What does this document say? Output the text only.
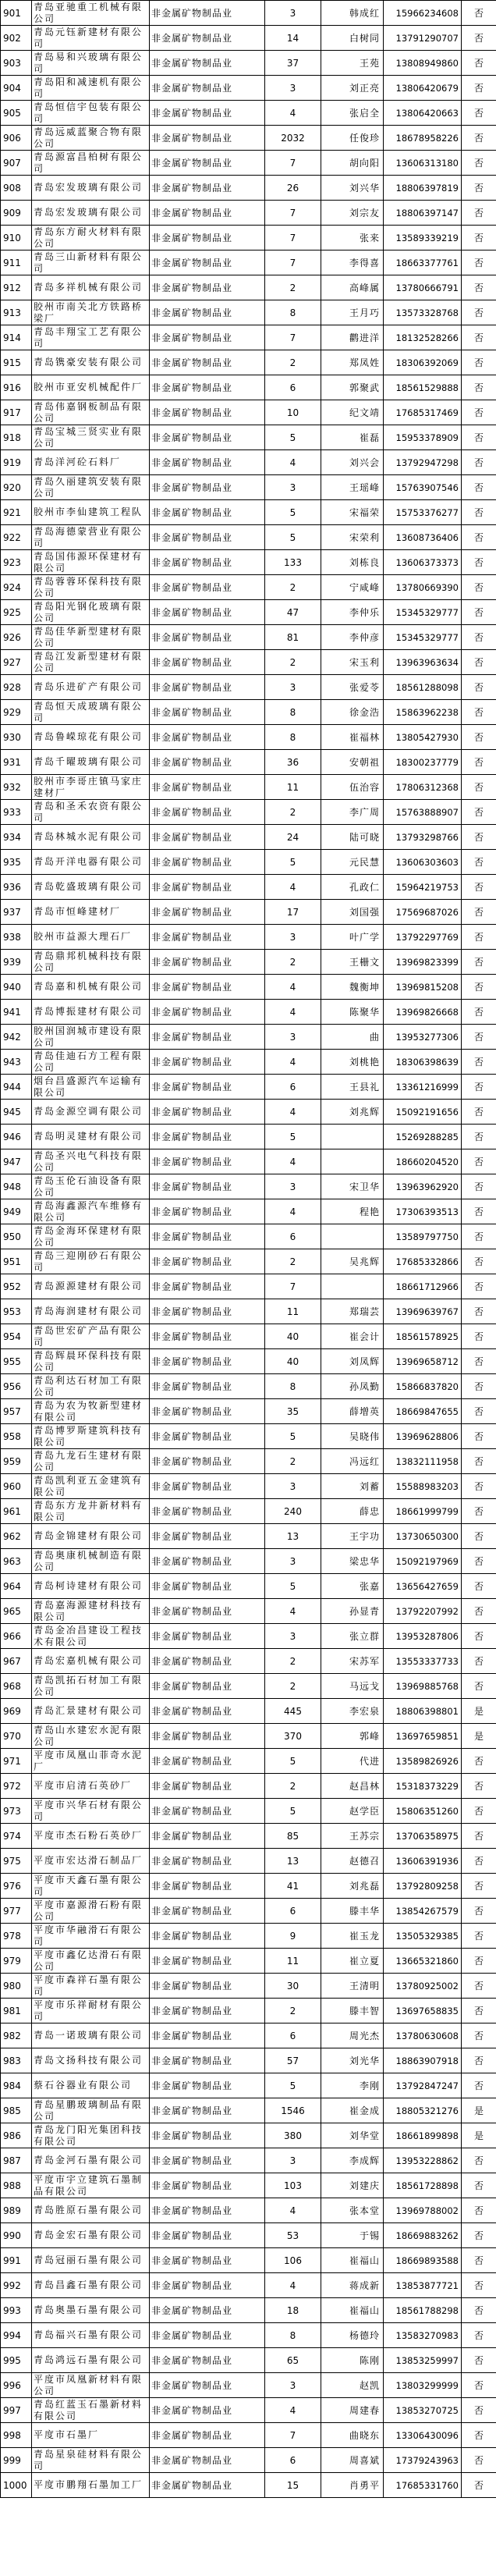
901	青岛亚驰重工机械有限公司	非金属矿物制品业	3	韩成红	15966234608	否
902	青岛元钰新建材有限公司	非金属矿物制品业	14	白树同	13791290707	否
903	青岛易和兴玻璃有限公司	非金属矿物制品业	37	王苑	13808949860	否
904	青岛阳和减速机有限公司	非金属矿物制品业	3	刘正亮	13806420679	否
905	青岛恒信宇包装有限公司	非金属矿物制品业	4	张启全	13806420663	否
906	青岛远威蓝聚合物有限公司	非金属矿物制品业	2032	任俊珍	18678958226	否
907	青岛源富昌柏树有限公司	非金属矿物制品业	7	胡向阳	13606313180	否
908	青岛宏发玻璃有限公司	非金属矿物制品业	26	刘兴华	18806397819	否
909	青岛宏发玻璃有限公司	非金属矿物制品业	7	刘宗友	18806397147	否
910	青岛东方耐火材料有限公司	非金属矿物制品业	7	张来	13589339219	否
911	青岛三山新材料有限公司	非金属矿物制品业	7	李得喜	18663377761	否
912	青岛多祥机械有限公司	非金属矿物制品业	2	高峰属	13780666791	否
913	胶州市南关北方铁路桥梁厂	非金属矿物制品业	8	王月巧	13573328768	否
914	青岛丰翔宝工艺有限公司	非金属矿物制品业	7	鹳进洋	18132528266	否
915	青岛镌豪安装有限公司	非金属矿物制品业	2	郑凤姓	18306392069	否
916	胶州市亚安机械配件厂	非金属矿物制品业	6	郭聚武	18561529888	否
917	青岛伟嘉钢板制品有限公司	非金属矿物制品业	10	纪文靖	17685317469	否
918	青岛宝城三贤实业有限公司	非金属矿物制品业	5	崔磊	15953378909	否
919	青岛洋河砼石料厂	非金属矿物制品业	4	刘兴会	13792947298	否
920	青岛久丽建筑安装有限公司	非金属矿物制品业	3	王瑶峰	15763907546	否
921	胶州市李仙建筑工程队	非金属矿物制品业	5	宋福荣	15753376277	否
922	青岛海德蒙营业有限公司	非金属矿物制品业	5	宋荣利	13608736406	否
923	青岛国伟源环保建材有限公司	非金属矿物制品业	133	刘栋良	13606373373	否
924	青岛蓉蓉环保科技有限公司	非金属矿物制品业	2	宁咸峰	13780669390	否
925	青岛阳光钢化玻璃有限公司	非金属矿物制品业	47	李仲乐	15345329777	否
926	青岛佳华新型建材有限公司	非金属矿物制品业	81	李仲彦	15345329777	否
927	青岛江发新型建材有限公司	非金属矿物制品业	2	宋玉利	13963963634	否
928	青岛乐进矿产有限公司	非金属矿物制品业	3	张爱苓	18561288098	否
929	青岛恒天成玻璃有限公司	非金属矿物制品业	8	徐金浩	15863962238	否
930	青岛鲁嵘琼花有限公司	非金属矿物制品业	8	崔福林	13805427930	否
931	青岛千曜玻璃有限公司	非金属矿物制品业	36	安朝祖	18300237779	否
932	胶州市李哥庄镇马家庄建材厂	非金属矿物制品业	11	伍治容	17806312368	否
933	青岛和圣禾农资有限公司	非金属矿物制品业	2	李广周	15763888907	否
934	青岛林城水泥有限公司	非金属矿物制品业	24	陆可晓	13793298766	否
935	青岛开洋电器有限公司	非金属矿物制品业	5	元民慧	13606303603	否
936	青岛乾盛玻璃有限公司	非金属矿物制品业	4	孔政仁	15964219753	否
937	青岛市恒峰建材厂	非金属矿物制品业	17	刘国强	17569687026	否
938	胶州市益源大理石厂	非金属矿物制品业	3	叶广学	13792297769	否
939	青岛鼎邦机械科技有限公司	非金属矿物制品业	2	王栅文	13969823399	否
940	青岛嘉和机械有限公司	非金属矿物制品业	4	魏衡坤	13969815208	否
941	青岛博振建材有限公司	非金属矿物制品业	4	陈聚华	13969826668	否
942	胶州国润城市建设有限公司	非金属矿物制品业	3	曲	13953277306	否
943	青岛佳迪石方工程有限公司	非金属矿物制品业	4	刘桃艳	18306398639	否
944	烟台昌盛源汽车运输有限公司	非金属矿物制品业	6	王县礼	13361216999	否
945	青岛金源空调有限公司	非金属矿物制品业	4	刘兆辉	15092191656	否
946	青岛明灵建材有限公司	非金属矿物制品业	5		15269288285	否
947	青岛圣兴电气科技有限公司	非金属矿物制品业	4		18660204520	否
948	青岛玉伦石油设备有限公司	非金属矿物制品业	3	宋卫华	13963962920	否
949	青岛海鑫源汽车维修有限公司	非金属矿物制品业	4	程艳	17306393513	否
950	青岛金海环保建材有限公司	非金属矿物制品业	6		13589797750	否
951	青岛三迎刚砂石有限公司	非金属矿物制品业	2	吴兆辉	17685332866	否
952	青岛源源建材有限公司	非金属矿物制品业	7		18661712966	否
953	青岛海润建材有限公司	非金属矿物制品业	11	郑瑞芸	13969639767	否
954	青岛世宏矿产品有限公司	非金属矿物制品业	40	崔会计	18561578925	否
955	青岛辉晨环保科技有限公司	非金属矿物制品业	40	刘凤辉	13969658712	否
956	青岛利达石材加工有限公司	非金属矿物制品业	8	孙凤勤	15866837820	否
957	青岛为农为牧新型建材有限公司	非金属矿物制品业	35	薛增英	18669847655	否
958	青岛博罗斯建筑科技有限公司	非金属矿物制品业	5	吴晓伟	13969628806	否
959	青岛九龙石生建材有限公司	非金属矿物制品业	2	冯远红	13832111958	否
960	青岛凯利亚五金建筑有限公司	非金属矿物制品业	3	刘蓄	15588983203	否
961	青岛东方龙井新材料有限公司	非金属矿物制品业	240	薛忠	18661999799	否
962	青岛金锦建材有限公司	非金属矿物制品业	13	王宇功	13730650300	否
963	青岛奥康机械制造有限公司	非金属矿物制品业	3	梁忠华	15092197969	否
964	青岛柯诗建材有限公司	非金属矿物制品业	5	张嘉	13656427659	否
965	青岛嘉海源建材科技有限公司	非金属矿物制品业	4	孙显青	13792207992	否
966	青岛金冶昌建设工程技术有限公司	非金属矿物制品业	3	张立群	13953287806	否
967	青岛宏嘉机械有限公司	非金属矿物制品业	2	宋苏军	13553337733	否
968	青岛凯拓石材加工有限公司	非金属矿物制品业	2	马远戈	13969885768	否
969	青岛汇景建材有限公司	非金属矿物制品业	445	李宏泉	18806398801	是
970	青岛山水建宏水泥有限公司	非金属矿物制品业	370	郭峰	13697659851	是
971	平度市凤凰山菲奇水泥厂	非金属矿物制品业	5	代进	13589826926	否
972	平度市启清石英砂厂	非金属矿物制品业	2	赵昌林	15318373229	否
973	平度市兴华石材有限公司	非金属矿物制品业	5	赵学臣	15806351260	否
974	平度市杰石粉石英砂厂	非金属矿物制品业	85	王苏宗	13706358975	否
975	平度市宏达滑石制品厂	非金属矿物制品业	13	赵德召	13606391936	否
976	平度市天鑫石墨有限公司	非金属矿物制品业	41	刘兆磊	13792809258	否
977	平度市嘉源滑石粉有限公司	非金属矿物制品业	6	滕丰华	13854267579	否
978	平度市华融滑石有限公司	非金属矿物制品业	9	崔玉龙	13505329385	否
979	平度市鑫亿达滑石有限公司	非金属矿物制品业	11	崔立夏	13665321860	否
980	平度市森祥石墨有限公司	非金属矿物制品业	30	王清明	13780925002	否
981	平度市乐祥耐材有限公司	非金属矿物制品业	2	滕丰智	13697658835	否
982	青岛一诺玻璃有限公司	非金属矿物制品业	6	周光杰	13780630608	否
983	青岛文扬科技有限公司	非金属矿物制品业	57	刘光华	18863907918	否
984	蔡石谷器业有限公司	非金属矿物制品业	5	李刚	13792847247	否
985	青岛星鹏玻璃制品有限公司	非金属矿物制品业	1546	崔金成	18805321276	是
986	青岛龙门阳光集团科技有限公司	非金属矿物制品业	380	刘华堂	18661899898	是
987	青岛金河石墨有限公司	非金属矿物制品业	3	李成辉	13953228862	否
988	平度市宇立建筑石墨制品有限公司	非金属矿物制品业	103	刘建庆	18561728898	否
989	青岛胜原石墨有限公司	非金属矿物制品业	4	张本堂	13969788002	否
990	青岛金宏石墨有限公司	非金属矿物制品业	53	于锡	18669883262	否
991	青岛冠丽石墨有限公司	非金属矿物制品业	106	崔福山	18669893588	否
992	青岛昌鑫石墨有限公司	非金属矿物制品业	4	蒋成新	13853877721	否
993	青岛奥墨石墨有限公司	非金属矿物制品业	18	崔福山	18561788298	否
994	青岛福兴石墨有限公司	非金属矿物制品业	8	杨德玲	13583270983	否
995	青岛鸿远石墨有限公司	非金属矿物制品业	65	陈刚	13853259997	否
996	平度市凤凰新材料有限公司	非金属矿物制品业	3	赵凯	13803299999	否
997	青岛红蓝玉石墨新材料有限公司	非金属矿物制品业	4	周建春	13853270725	否
998	平度市石墨厂	非金属矿物制品业	7	曲晓东	13306430096	否
999	青岛星泉硅材料有限公司	非金属矿物制品业	6	周喜斌	17379243963	否
1000	平度市鹏翔石墨加工厂	非金属矿物制品业	15	肖勇平	17685331760	否
